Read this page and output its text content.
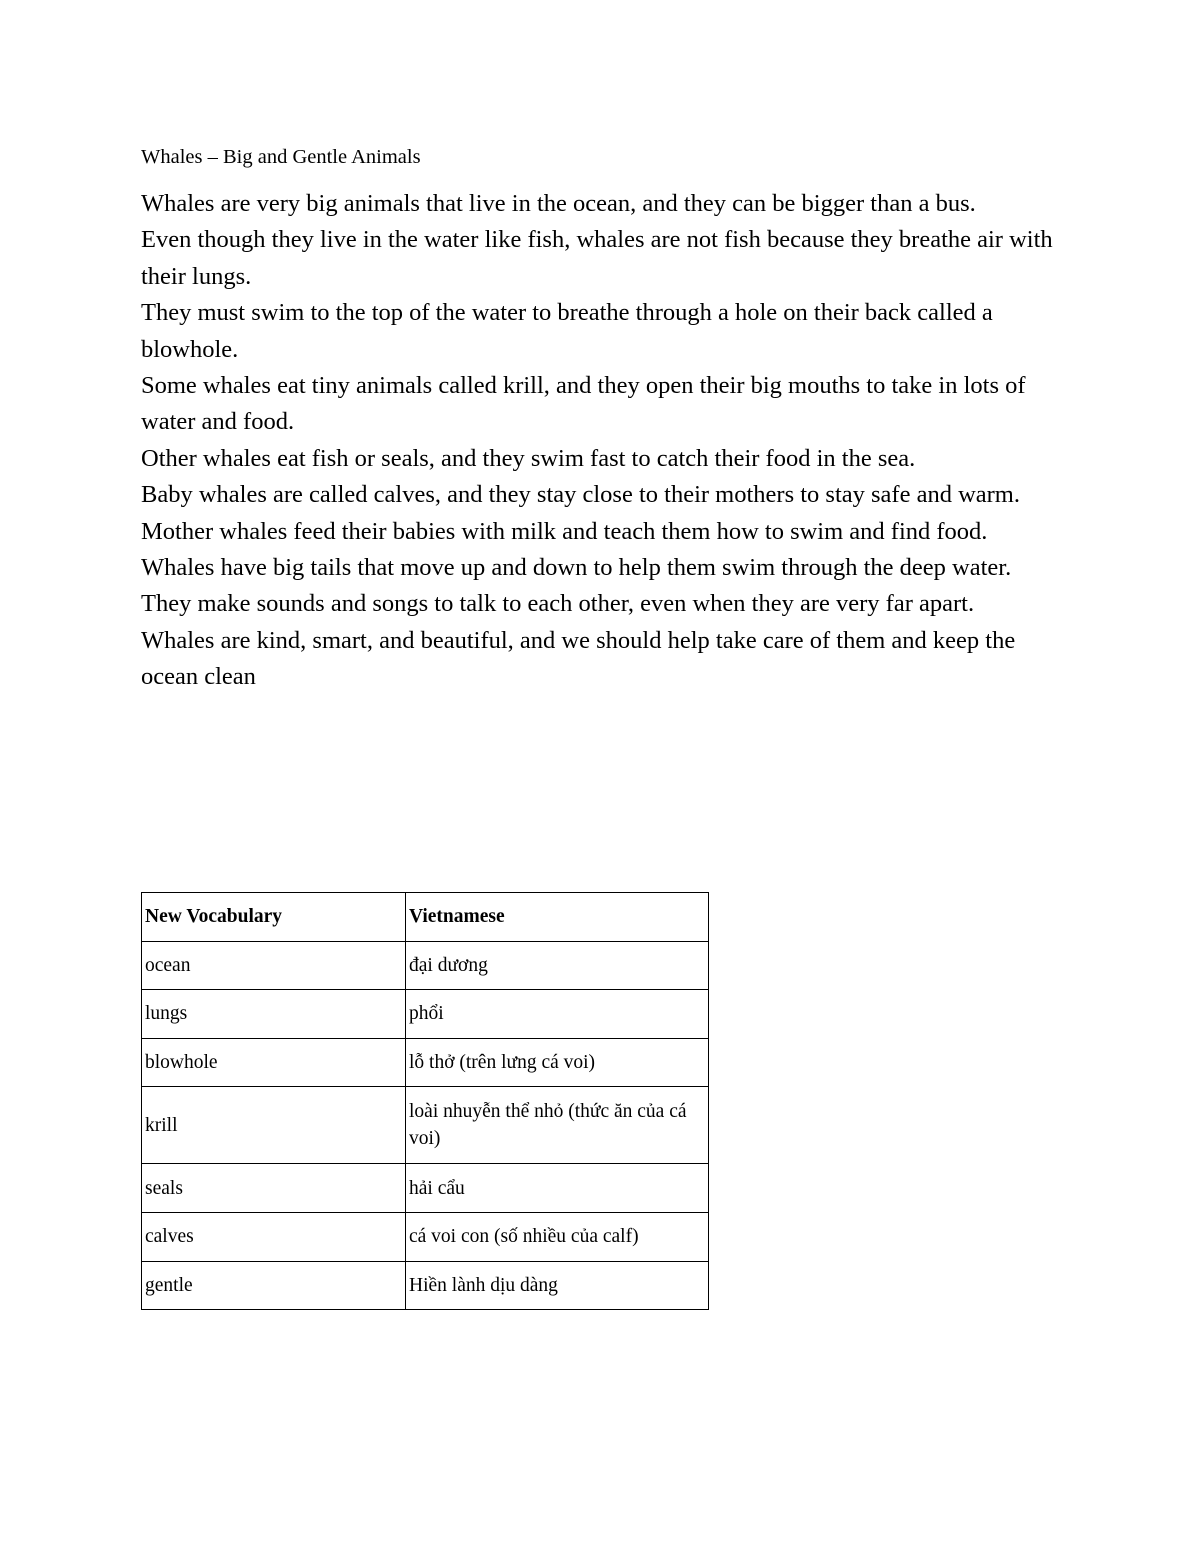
Whales – Big and Gentle Animals

Whales are very big animals that live in the ocean, and they can be bigger than a bus.

Even though they live in the water like fish, whales are not fish because they breathe air with their lungs.

They must swim to the top of the water to breathe through a hole on their back called a blowhole.

Some whales eat tiny animals called krill, and they open their big mouths to take in lots of water and food.

Other whales eat fish or seals, and they swim fast to catch their food in the sea.

Baby whales are called calves, and they stay close to their mothers to stay safe and warm.

Mother whales feed their babies with milk and teach them how to swim and find food.

Whales have big tails that move up and down to help them swim through the deep water.

They make sounds and songs to talk to each other, even when they are very far apart.

Whales are kind, smart, and beautiful, and we should help take care of them and keep the ocean clean

New Vocabulary	Vietnamese
ocean	đại dương
lungs	phổi
blowhole	lỗ thở (trên lưng cá voi)
krill	loài nhuyễn thể nhỏ (thức ăn của cá voi)
seals	hải cẩu
calves	cá voi con (số nhiều của calf)
gentle	Hiền lành dịu dàng
